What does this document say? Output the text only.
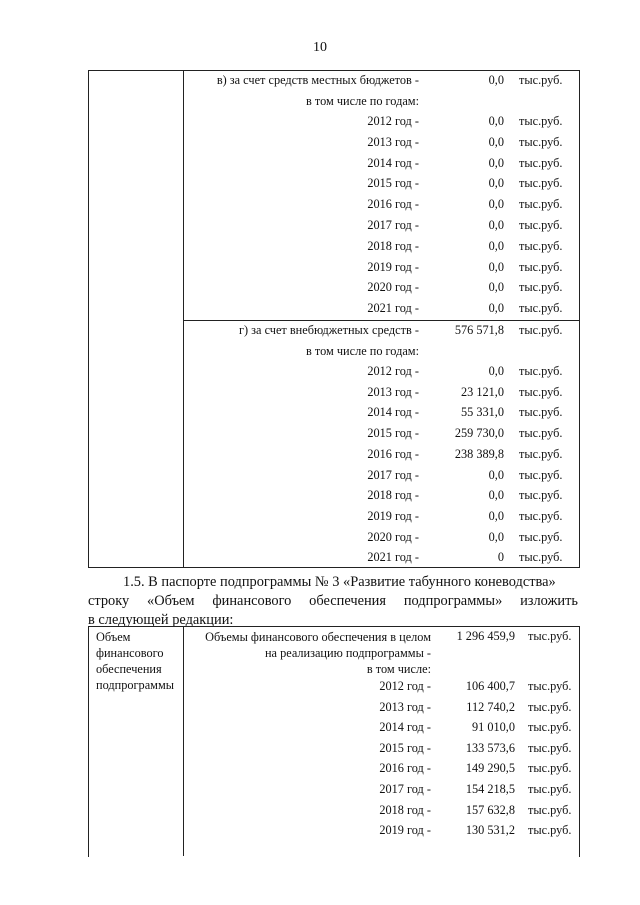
10
в) за счет средств местных бюджетов -	0,0 тыс.руб.
в том числе по годам:
2012 год -	0,0 тыс.руб.
2013 год -	0,0 тыс.руб.
2014 год -	0,0 тыс.руб.
2015 год -	0,0 тыс.руб.
2016 год -	0,0 тыс.руб.
2017 год -	0,0 тыс.руб.
2018 год -	0,0 тыс.руб.
2019 год -	0,0 тыс.руб.
2020 год -	0,0 тыс.руб.
2021 год -	0,0 тыс.руб.
г) за счет внебюджетных средств -	576 571,8 тыс.руб.
в том числе по годам:
2012 год -	0,0 тыс.руб.
2013 год -	23 121,0 тыс.руб.
2014 год -	55 331,0 тыс.руб.
2015 год -	259 730,0 тыс.руб.
2016 год -	238 389,8 тыс.руб.
2017 год -	0,0 тыс.руб.
2018 год -	0,0 тыс.руб.
2019 год -	0,0 тыс.руб.
2020 год -	0,0 тыс.руб.
2021 год -	0 тыс.руб.
1.5. В паспорте подпрограммы № 3 «Развитие табунного коневодства»
строку «Объем финансового обеспечения подпрограммы» изложить
в следующей редакции:
Объем
финансового
обеспечения
подпрограммы
Объемы финансового обеспечения в целом
на реализацию подпрограммы -
в том числе:
1 296 459,9 тыс.руб.
2012 год -	106 400,7 тыс.руб.
2013 год -	112 740,2 тыс.руб.
2014 год -	91 010,0 тыс.руб.
2015 год -	133 573,6 тыс.руб.
2016 год -	149 290,5 тыс.руб.
2017 год -	154 218,5 тыс.руб.
2018 год -	157 632,8 тыс.руб.
2019 год -	130 531,2 тыс.руб.
